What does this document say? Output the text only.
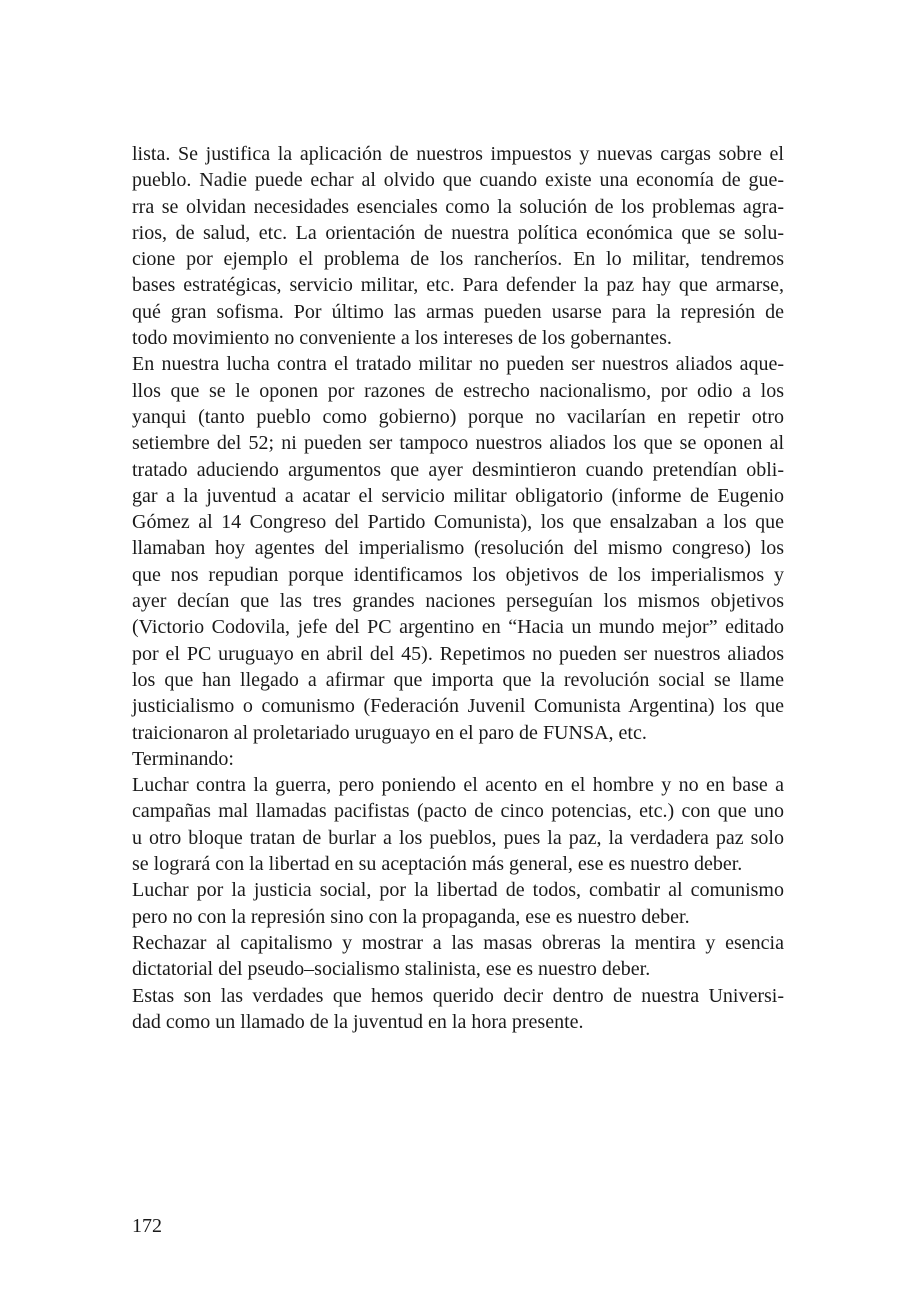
lista. Se justifica la aplicación de nuestros impuestos y nuevas cargas sobre el
pueblo. Nadie puede echar al olvido que cuando existe una economía de gue-
rra se olvidan necesidades esenciales como la solución de los problemas agra-
rios, de salud, etc. La orientación de nuestra política económica que se solu-
cione por ejemplo el problema de los rancheríos. En lo militar, tendremos
bases estratégicas, servicio militar, etc. Para defender la paz hay que armarse,
qué gran sofisma. Por último las armas pueden usarse para la represión de
todo movimiento no conveniente a los intereses de los gobernantes.
En nuestra lucha contra el tratado militar no pueden ser nuestros aliados aque-
llos que se le oponen por razones de estrecho nacionalismo, por odio a los
yanqui (tanto pueblo como gobierno) porque no vacilarían en repetir otro
setiembre del 52; ni pueden ser tampoco nuestros aliados los que se oponen al
tratado aduciendo argumentos que ayer desmintieron cuando pretendían obli-
gar a la juventud a acatar el servicio militar obligatorio (informe de Eugenio
Gómez al 14 Congreso del Partido Comunista), los que ensalzaban a los que
llamaban hoy agentes del imperialismo (resolución del mismo congreso) los
que nos repudian porque identificamos los objetivos de los imperialismos y
ayer decían que las tres grandes naciones perseguían los mismos objetivos
(Victorio Codovila, jefe del PC argentino en “Hacia un mundo mejor” editado
por el PC uruguayo en abril del 45). Repetimos no pueden ser nuestros aliados
los que han llegado a afirmar que importa que la revolución social se llame
justicialismo o comunismo (Federación Juvenil Comunista Argentina) los que
traicionaron al proletariado uruguayo en el paro de FUNSA, etc.
Terminando:
Luchar contra la guerra, pero poniendo el acento en el hombre y no en base a
campañas mal llamadas pacifistas (pacto de cinco potencias, etc.) con que uno
u otro bloque tratan de burlar a los pueblos, pues la paz, la verdadera paz solo
se logrará con la libertad en su aceptación más general, ese es nuestro deber.
Luchar por la justicia social, por la libertad de todos, combatir al comunismo
pero no con la represión sino con la propaganda, ese es nuestro deber.
Rechazar al capitalismo y mostrar a las masas obreras la mentira y esencia
dictatorial del pseudo–socialismo stalinista, ese es nuestro deber.
Estas son las verdades que hemos querido decir dentro de nuestra Universi-
dad como un llamado de la juventud en la hora presente.
172
